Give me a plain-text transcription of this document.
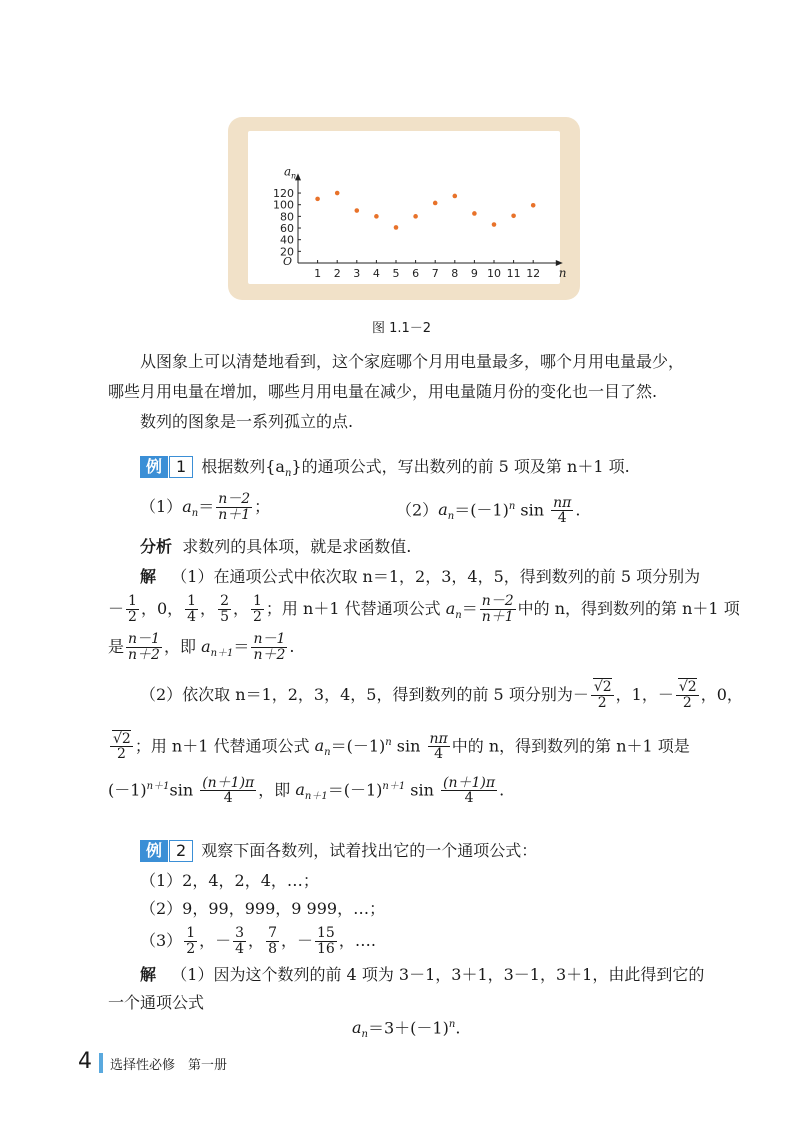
1 2 3 4 5 6 7 8 9 10 11 12
20
40
60
80
100
120
O
n
a n
图 1.1－2
从图象上可以清楚地看到，这个家庭哪个月用电量最多，哪个月用电量最少，
哪些月用电量在增加，哪些月用电量在减少，用电量随月份的变化也一目了然.
数列的图象是一系列孤立的点.
例 1 根据数列$\{a_n\}$的通项公式，写出数列的前 5 项及第 n＋1 项.
$(1)a_n= \frac{n-2}{n+1}$ ；	$(2)a_n=(-1)^n$ $\sin \frac{n\pi}{4}$ .
分析 求数列的具体项，就是求函数值.
解 （1）在通项公式中依次取 n＝1，2，3，4，5，得到数列的前 5 项分别为
－ $\frac{1}{2}$ ，0， $\frac{1}{4}$ ， $\frac{2}{5}$ ， $\frac{1}{2}$ ；用 n＋1 代替通项公式 $a_n= \frac{n-2}{n+1}$ 中的 n，得到数列的第 n＋1 项
是 $\frac{n-1}{n+2}$ ，即 $a_{n+1}= \frac{n-1}{n+2}$ .
（2）依次取 n＝1，2，3，4，5，得到数列的前 5 项分别为－ $\frac{√2}{2}$ ，1，－ $\frac{√2}{2}$ ，0，
$\frac{√2}{2}$ ；用 n＋1 代替通项公式 $a_n=(-1)^n$ $\sin \frac{n\pi}{4}$ 中的 n，得到数列的第 n＋1 项是
$(-1)^{n+1}\sin \frac{(n+1)\pi}{4}$ ，即 $a_{n+1}=(-1)^{n+1}$ $\sin \frac{(n+1)\pi}{4}$ .
例 2 观察下面各数列，试着找出它的一个通项公式：
（1）2，4，2，4，…；
（2）9，99，999，9 999，…；
$(3) \frac{1}{2}$ ，－ $\frac{3}{4}$ ， $\frac{7}{8}$ ，－ $\frac{15}{16}$ ，….
解 （1）因为这个数列的前 4 项为 3－1，3＋1，3－1，3＋1，由此得到它的
一个通项公式
$a_n=3+(-1)^n$.
4 选择性必修　第一册
